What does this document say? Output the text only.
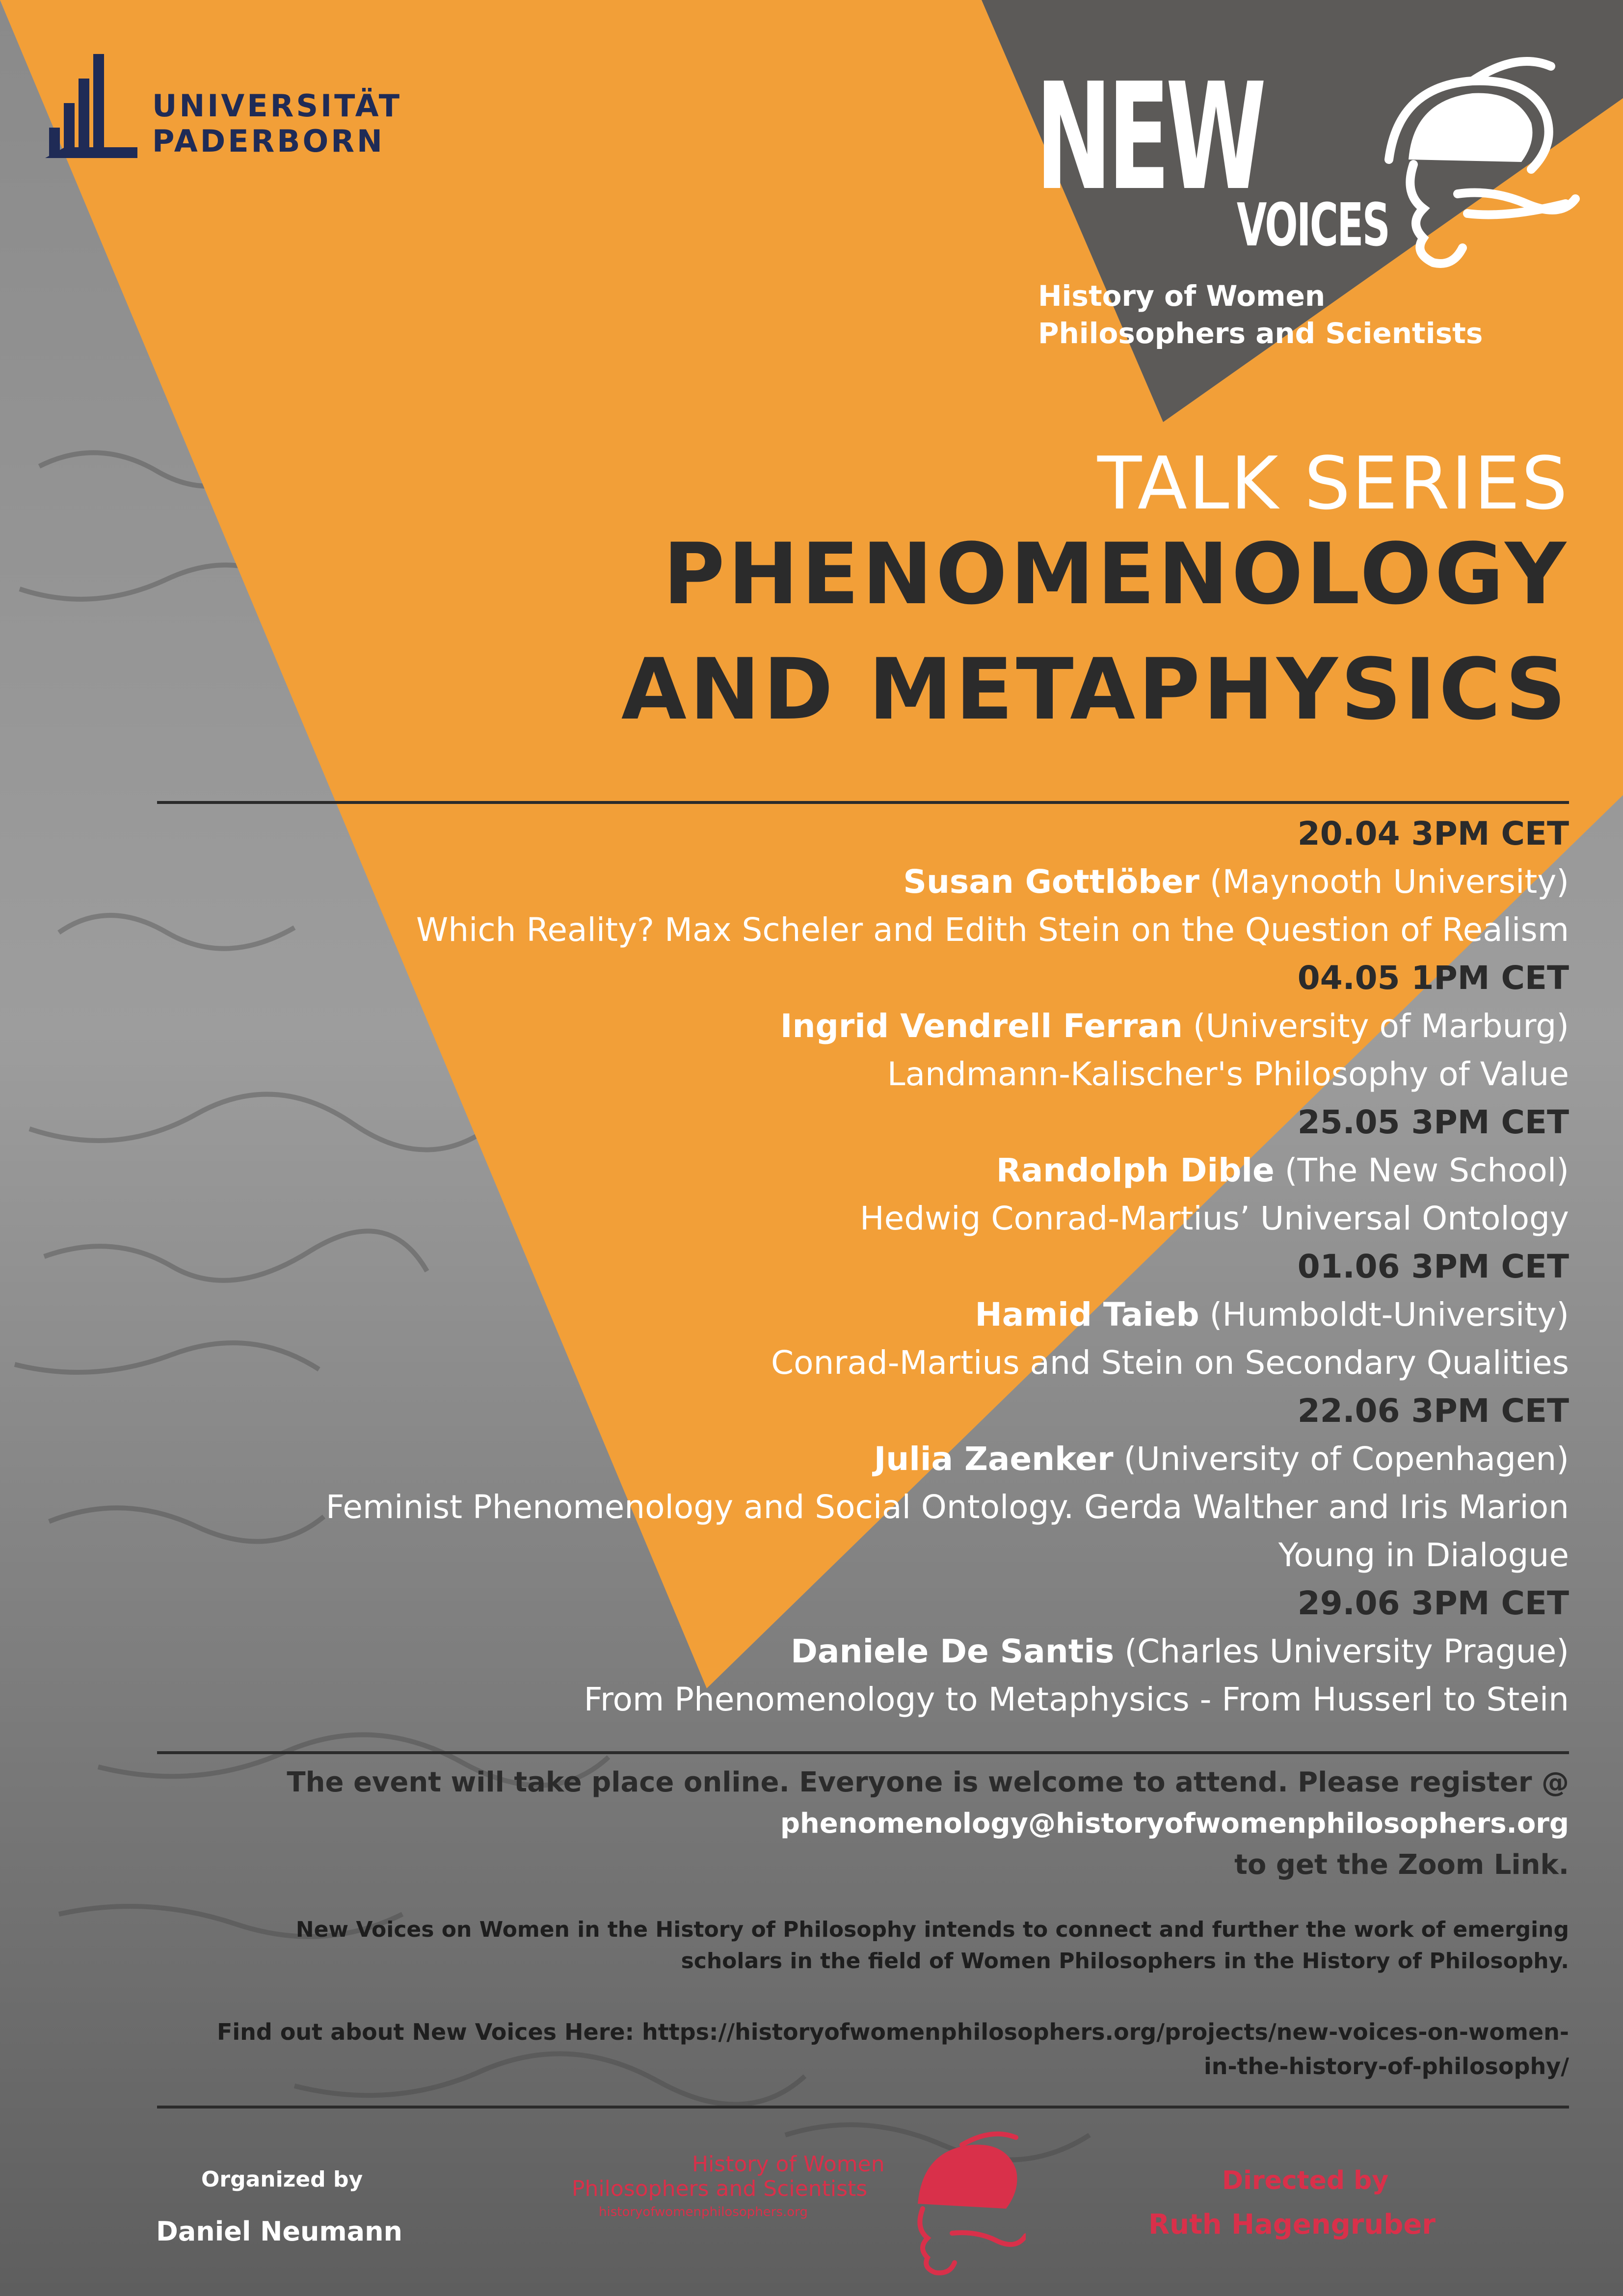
UNIVERSITÄT
PADERBORN	NEW
VOICES
History of Women
Philosophers and Scientists
TALK SERIES
PHENOMENOLOGY
AND METAPHYSICS
20.04 3PM CET
Susan Gottlöber (Maynooth University)
Which Reality? Max Scheler and Edith Stein on the Question of Realism
04.05 1PM CET
Ingrid Vendrell Ferran (University of Marburg)
Landmann-Kalischer's Philosophy of Value
25.05 3PM CET
Randolph Dible (The New School)
Hedwig Conrad-Martius’ Universal Ontology
01.06 3PM CET
Hamid Taieb (Humboldt-University)
Conrad-Martius and Stein on Secondary Qualities
22.06 3PM CET
Julia Zaenker (University of Copenhagen)
Feminist Phenomenology and Social Ontology. Gerda Walther and Iris Marion
Young in Dialogue
29.06 3PM CET
Daniele De Santis (Charles University Prague)
From Phenomenology to Metaphysics - From Husserl to Stein
The event will take place online. Everyone is welcome to attend. Please register @
phenomenology@historyofwomenphilosophers.org
to get the Zoom Link.
New Voices on Women in the History of Philosophy intends to connect and further the work of emerging
scholars in the field of Women Philosophers in the History of Philosophy.
Find out about New Voices Here: https://historyofwomenphilosophers.org/projects/new-voices-on-women-
in-the-history-of-philosophy/
Organized by
Daniel Neumann
History of Women
Philosophers and Scientists
historyofwomenphilosophers.org
Directed by
Ruth Hagengruber
